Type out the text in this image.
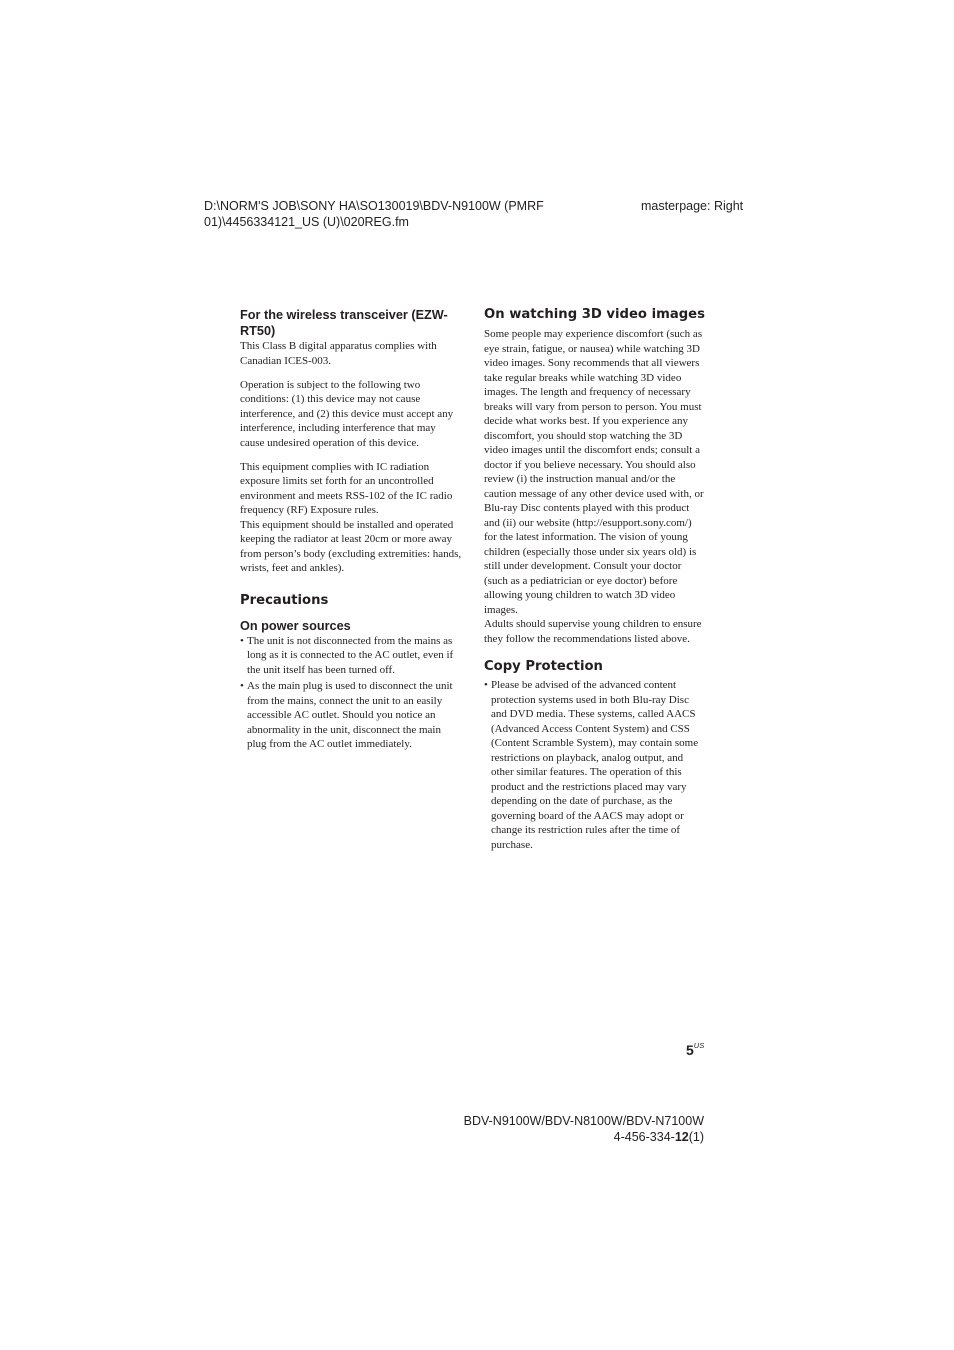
D:\NORM'S JOB\SONY HA\SO130019\BDV-N9100W (PMRF 01)\4456334121_US (U)\020REG.fm
masterpage: Right
For the wireless transceiver (EZW-RT50)

This Class B digital apparatus complies with Canadian ICES-003.

Operation is subject to the following two conditions: (1) this device may not cause interference, and (2) this device must accept any interference, including interference that may cause undesired operation of this device.

This equipment complies with IC radiation exposure limits set forth for an uncontrolled environment and meets RSS-102 of the IC radio frequency (RF) Exposure rules.

This equipment should be installed and operated keeping the radiator at least 20cm or more away from person’s body (excluding extremities: hands, wrists, feet and ankles).

Precautions
On power sources
• The unit is not disconnected from the mains as long as it is connected to the AC outlet, even if the unit itself has been turned off.
• As the main plug is used to disconnect the unit from the mains, connect the unit to an easily accessible AC outlet. Should you notice an abnormality in the unit, disconnect the main plug from the AC outlet immediately.
On watching 3D video images

Some people may experience discomfort (such as eye strain, fatigue, or nausea) while watching 3D video images. Sony recommends that all viewers take regular breaks while watching 3D video images. The length and frequency of necessary breaks will vary from person to person. You must decide what works best. If you experience any discomfort, you should stop watching the 3D video images until the discomfort ends; consult a doctor if you believe necessary. You should also review (i) the instruction manual and/or the caution message of any other device used with, or Blu-ray Disc contents played with this product and (ii) our website (http://esupport.sony.com/) for the latest information. The vision of young children (especially those under six years old) is still under development. Consult your doctor (such as a pediatrician or eye doctor) before allowing young children to watch 3D video images.

Adults should supervise young children to ensure they follow the recommendations listed above.

Copy Protection
• Please be advised of the advanced content protection systems used in both Blu-ray Disc and DVD media. These systems, called AACS (Advanced Access Content System) and CSS (Content Scramble System), may contain some restrictions on playback, analog output, and other similar features. The operation of this product and the restrictions placed may vary depending on the date of purchase, as the governing board of the AACS may adopt or change its restriction rules after the time of purchase.
$5^{US}$
BDV-N9100W/BDV-N8100W/BDV-N7100W
4-456-334-12(1)
